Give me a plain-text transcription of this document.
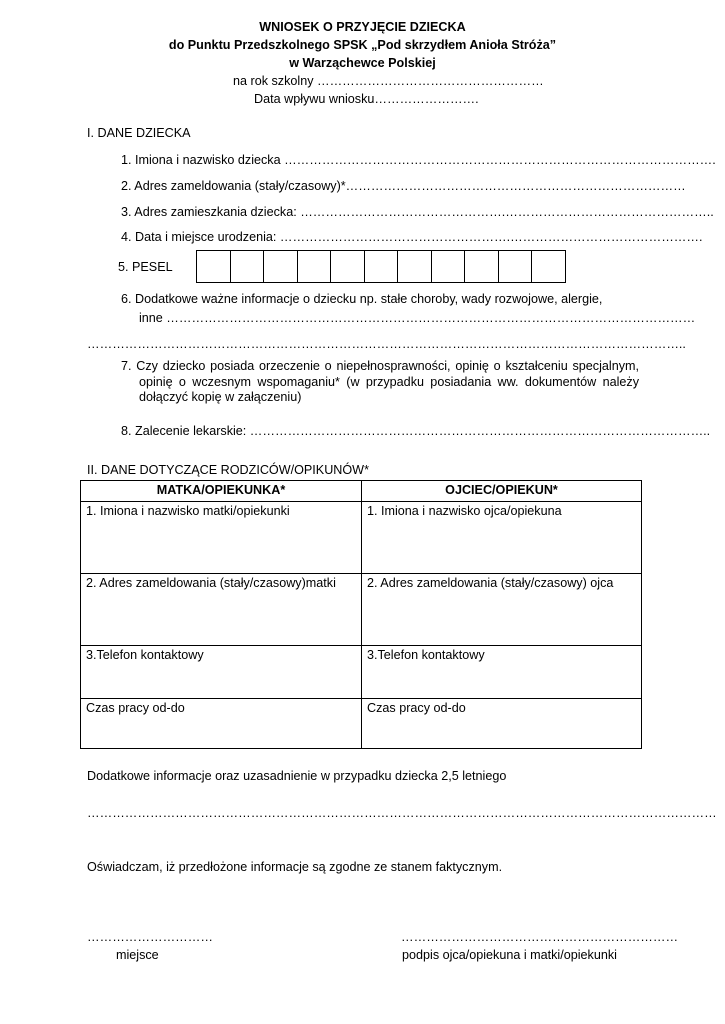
WNIOSEK O PRZYJĘCIE DZIECKA
do Punktu Przedszkolnego SPSK „Pod skrzydłem Anioła Stróża”
w Warząchewce Polskiej
na rok szkolny ………………………………………………
Data wpływu wniosku…………………….
I. DANE DZIECKA
1. Imiona i nazwisko dziecka ………………………………………………………………………………………….
2. Adres zameldowania (stały/czasowy)*………………………………………………………………………
3. Adres zamieszkania dziecka: ………………………………………….…………………………………………..
4. Data i miejsce urodzenia: ……………………………………………….……………………………………….
5. PESEL
6. Dodatkowe ważne informacje o dziecku np. stałe choroby, wady rozwojowe, alergie,
inne ………………………………………………………………………………………………………………
……………………………………………………………………………………………………………………………..
7. Czy dziecko posiada orzeczenie o niepełnosprawności, opinię o kształceniu specjalnym, opinię o wczesnym wspomaganiu* (w przypadku posiadania ww. dokumentów należy dołączyć kopię w załączeniu)
8. Zalecenie lekarskie: ………………………………………………………………………………………………..
II. DANE DOTYCZĄCE RODZICÓW/OPIKUNÓW*
MATKA/OPIEKUNKA*	OJCIEC/OPIEKUN*
1. Imiona i nazwisko matki/opiekunki	1. Imiona i nazwisko ojca/opiekuna
2. Adres zameldowania (stały/czasowy)matki	2. Adres zameldowania (stały/czasowy) ojca
3.Telefon kontaktowy	3.Telefon kontaktowy
Czas pracy od-do	Czas pracy od-do
Dodatkowe informacje oraz uzasadnienie w przypadku dziecka 2,5 letniego
……………………………………………………………………………………………………………………………………
Oświadczam, iż przedłożone informacje są zgodne ze stanem faktycznym.
…………………………
miejsce
…………………………………………………………
podpis ojca/opiekuna i matki/opiekunki
